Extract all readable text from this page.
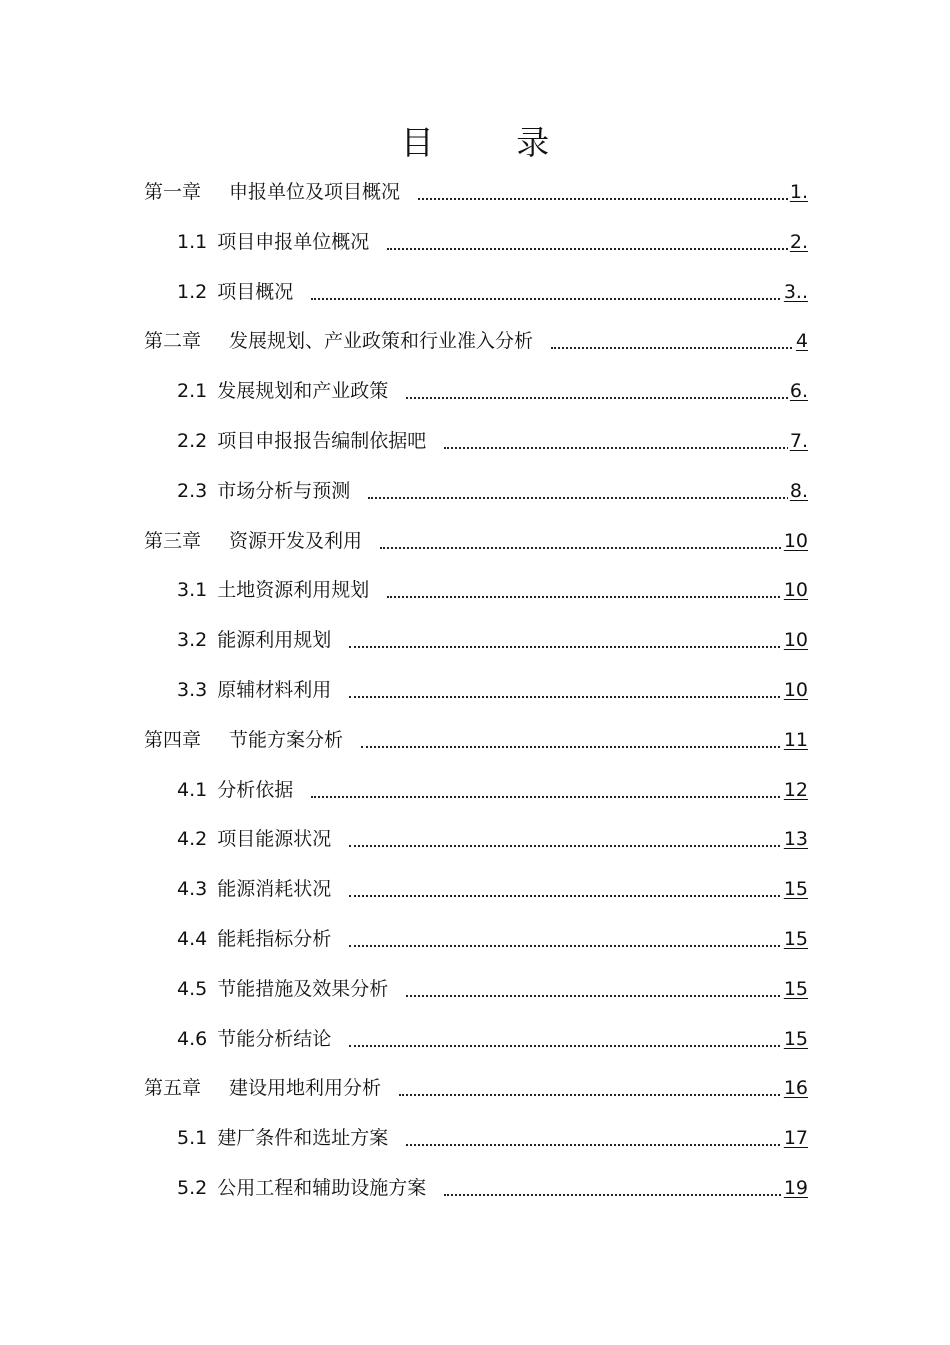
目 录
第一章 申报单位及项目概况	1.
1.1 项目申报单位概况	2.
1.2 项目概况	3..
第二章 发展规划、产业政策和行业准入分析	4
2.1 发展规划和产业政策	6.
2.2 项目申报报告编制依据吧	7.
2.3 市场分析与预测	8.
第三章 资源开发及利用	10
3.1 土地资源利用规划	10
3.2 能源利用规划	10
3.3 原辅材料利用	10
第四章 节能方案分析	11
4.1 分析依据	12
4.2 项目能源状况	13
4.3 能源消耗状况	15
4.4 能耗指标分析	15
4.5 节能措施及效果分析	15
4.6 节能分析结论	15
第五章 建设用地利用分析	16
5.1 建厂条件和选址方案	17
5.2 公用工程和辅助设施方案	19
